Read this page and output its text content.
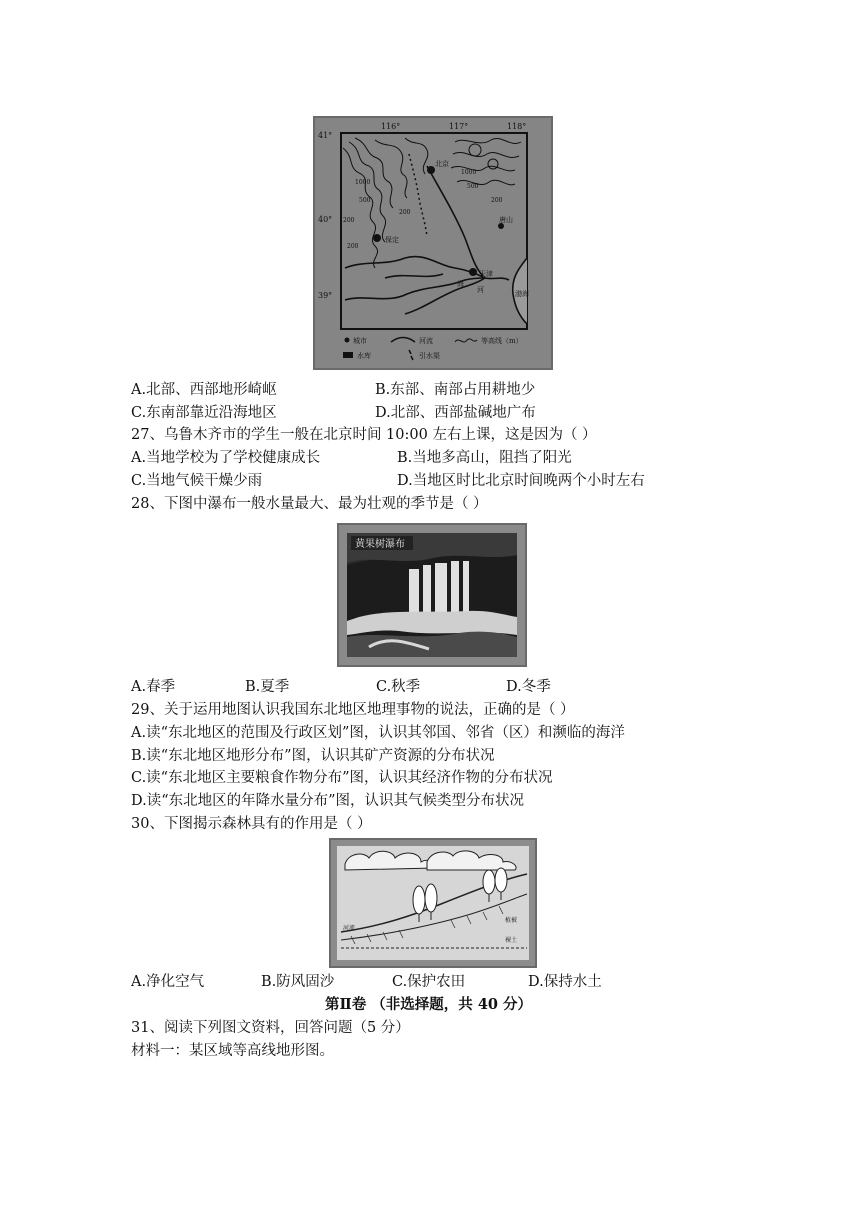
116°	117°	118°
41°
40°
39°
1000
500
200
200
200
1000
500
200
北京
保定
天津
唐山
渤海
海
河
城市	河流	等高线（m）
水库	引水渠
A.北部、西部地形崎岖	B.东部、南部占用耕地少
C.东南部靠近沿海地区	D.北部、西部盐碱地广布
27、乌鲁木齐市的学生一般在北京时间 10:00 左右上课，这是因为（ ）
A.当地学校为了学校健康成长	B.当地多高山，阻挡了阳光
C.当地气候干燥少雨	D.当地区时比北京时间晚两个小时左右
28、下图中瀑布一般水量最大、最为壮观的季节是（ ）
黄果树瀑布
A.春季	B.夏季	C.秋季	D.冬季
29、关于运用地图认识我国东北地区地理事物的说法，正确的是（ ）
A.读“东北地区的范围及行政区划”图，认识其邻国、邻省（区）和濒临的海洋
B.读“东北地区地形分布”图，认识其矿产资源的分布状况
C.读“东北地区主要粮食作物分布”图，认识其经济作物的分布状况
D.读“东北地区的年降水量分布”图，认识其气候类型分布状况
30、下图揭示森林具有的作用是（ ）
河流
植被
裸土
A.净化空气	B.防风固沙	C.保护农田	D.保持水土
第Ⅱ卷 （非选择题，共 40 分）
31、阅读下列图文资料，回答问题（5 分）
材料一：某区域等高线地形图。
